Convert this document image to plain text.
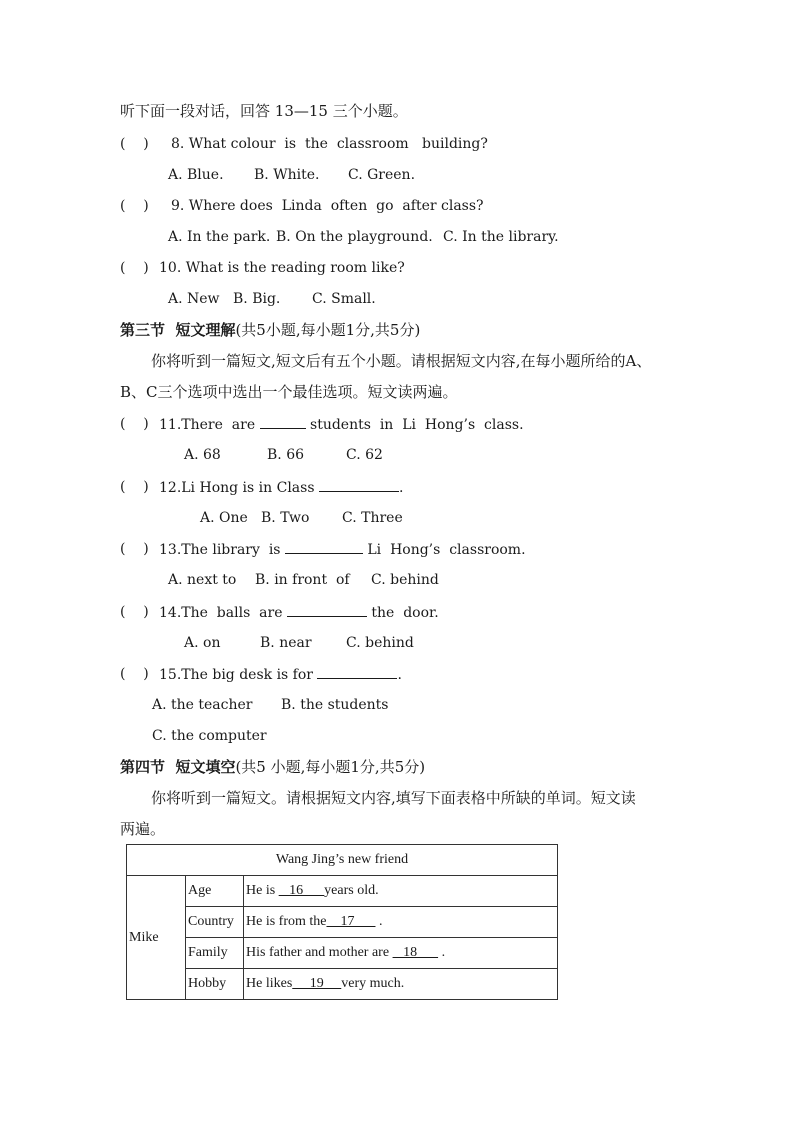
听下面一段对话，回答 13—15 三个小题。
(    ) 8. What colour  is  the  classroom   building?
A. Blue. B. White. C. Green.
(    ) 9. Where does  Linda  often  go  after class?
A. In the park. B. On the playground. C. In the library.
(    ) 10. What is the reading room like?
A. New B. Big. C. Small.
第三节  短文理解(共5小题,每小题1分,共5分)
你将听到一篇短文,短文后有五个小题。请根据短文内容,在每小题所给的A、
B、C三个选项中选出一个最佳选项。短文读两遍。
(    ) 11.There  are	students  in  Li  Hong’s  class.
A. 68	B. 66	C. 62
(    ) 12.Li Hong is in Class	.
A. One B. Two C. Three
(    ) 13.The library  is	Li  Hong’s  classroom.
A. next to B. in front  of C. behind
(    ) 14.The  balls  are	the  door.
A. on	B. near C. behind
(    ) 15.The big desk is for	.
A. the teacher B. the students
C. the computer
第四节  短文填空(共5 小题,每小题1分,共5分)
你将听到一篇短文。请根据短文内容,填写下面表格中所缺的单词。短文读
两遍。
Wang Jing’s new friend		
Mike	Age	He is    16      years old.
	Country	He is from the    17       .
	Family	His father and mother are    18       .
	Hobby	He likes     19     very much.
